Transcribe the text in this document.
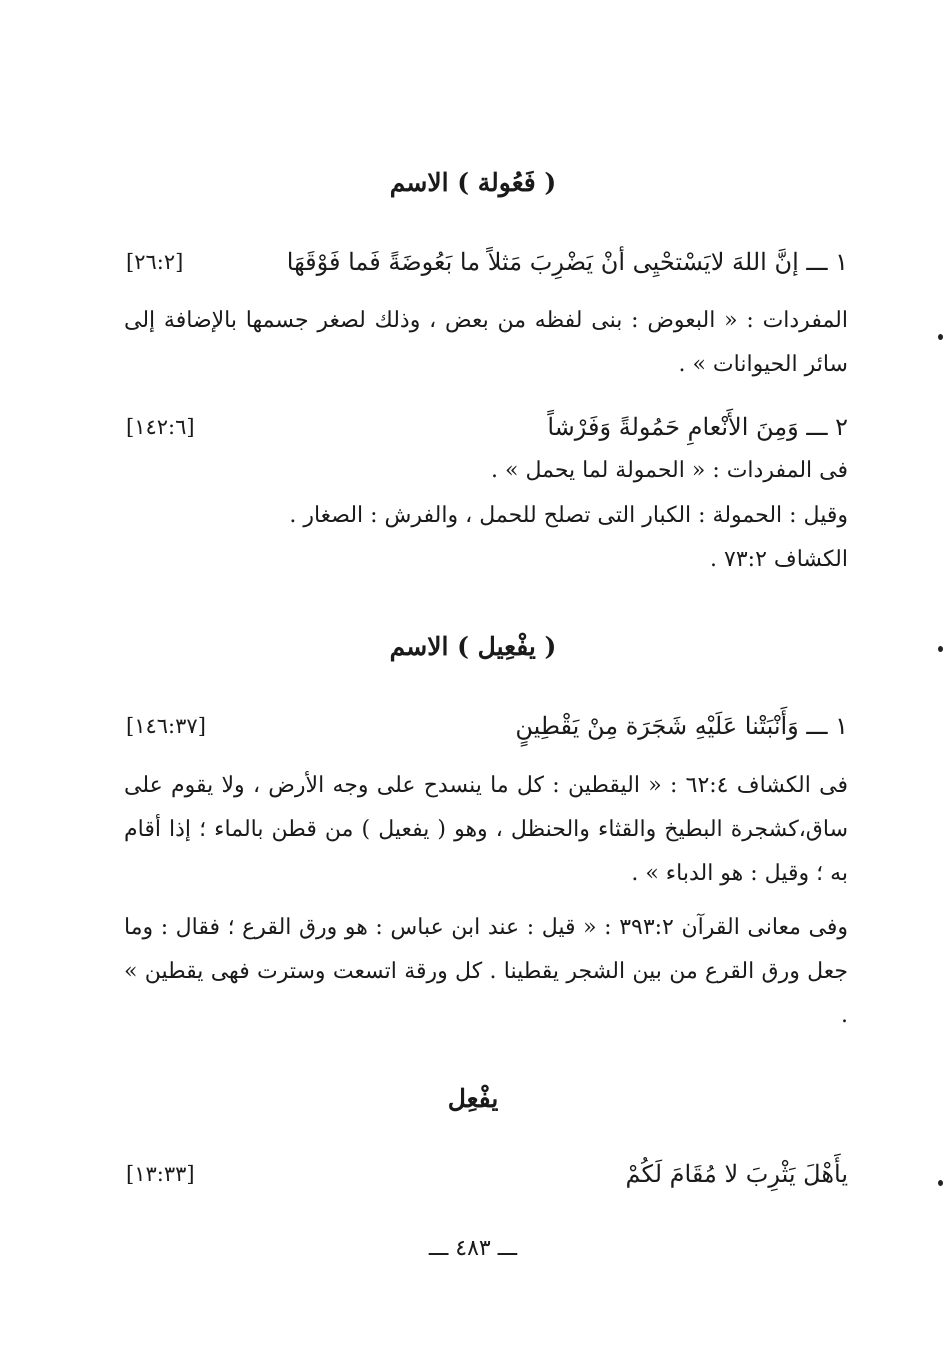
( فَعُولة ) الاسم
١ ـــ إنَّ اللهَ لايَسْتحْيِى أنْ يَضْرِبَ مَثلاً ما بَعُوضَةً فَما فَوْقَهَا
[٢٦:٢]
المفردات : « البعوض : بنى لفظه من بعض ، وذلك لصغر جسمها بالإضافة إلى سائر الحيوانات » .
٢ ـــ وَمِنَ الأَنْعامِ حَمُولةً وَفَرْشاً
[١٤٢:٦]
فى المفردات : « الحمولة لما يحمل » .
وقيل : الحمولة : الكبار التى تصلح للحمل ، والفرش : الصغار .
الكشاف ٧٣:٢ .
( يفْعِيل ) الاسم
١ ـــ وَأَنْبَتْنا عَلَيْهِ شَجَرَة مِنْ يَقْطِينٍ
[١٤٦:٣٧]
فى الكشاف ٦٢:٤ : « اليقطين : كل ما ينسدح على وجه الأرض ، ولا يقوم على ساق،كشجرة البطيخ والقثاء والحنظل ، وهو ( يفعيل ) من قطن بالماء ؛ إذا أقام به ؛ وقيل : هو الدباء » .
وفى معانى القرآن ٣٩٣:٢ : « قيل : عند ابن عباس : هو ورق القرع ؛ فقال : وما جعل ورق القرع من بين الشجر يقطينا . كل ورقة اتسعت وسترت فهى يقطين » .
يفْعِل
يأَهْلَ يَثْرِبَ لا مُقَامَ لَكُمْ
[١٣:٣٣]
ـــ ٤٨٣ ـــ
